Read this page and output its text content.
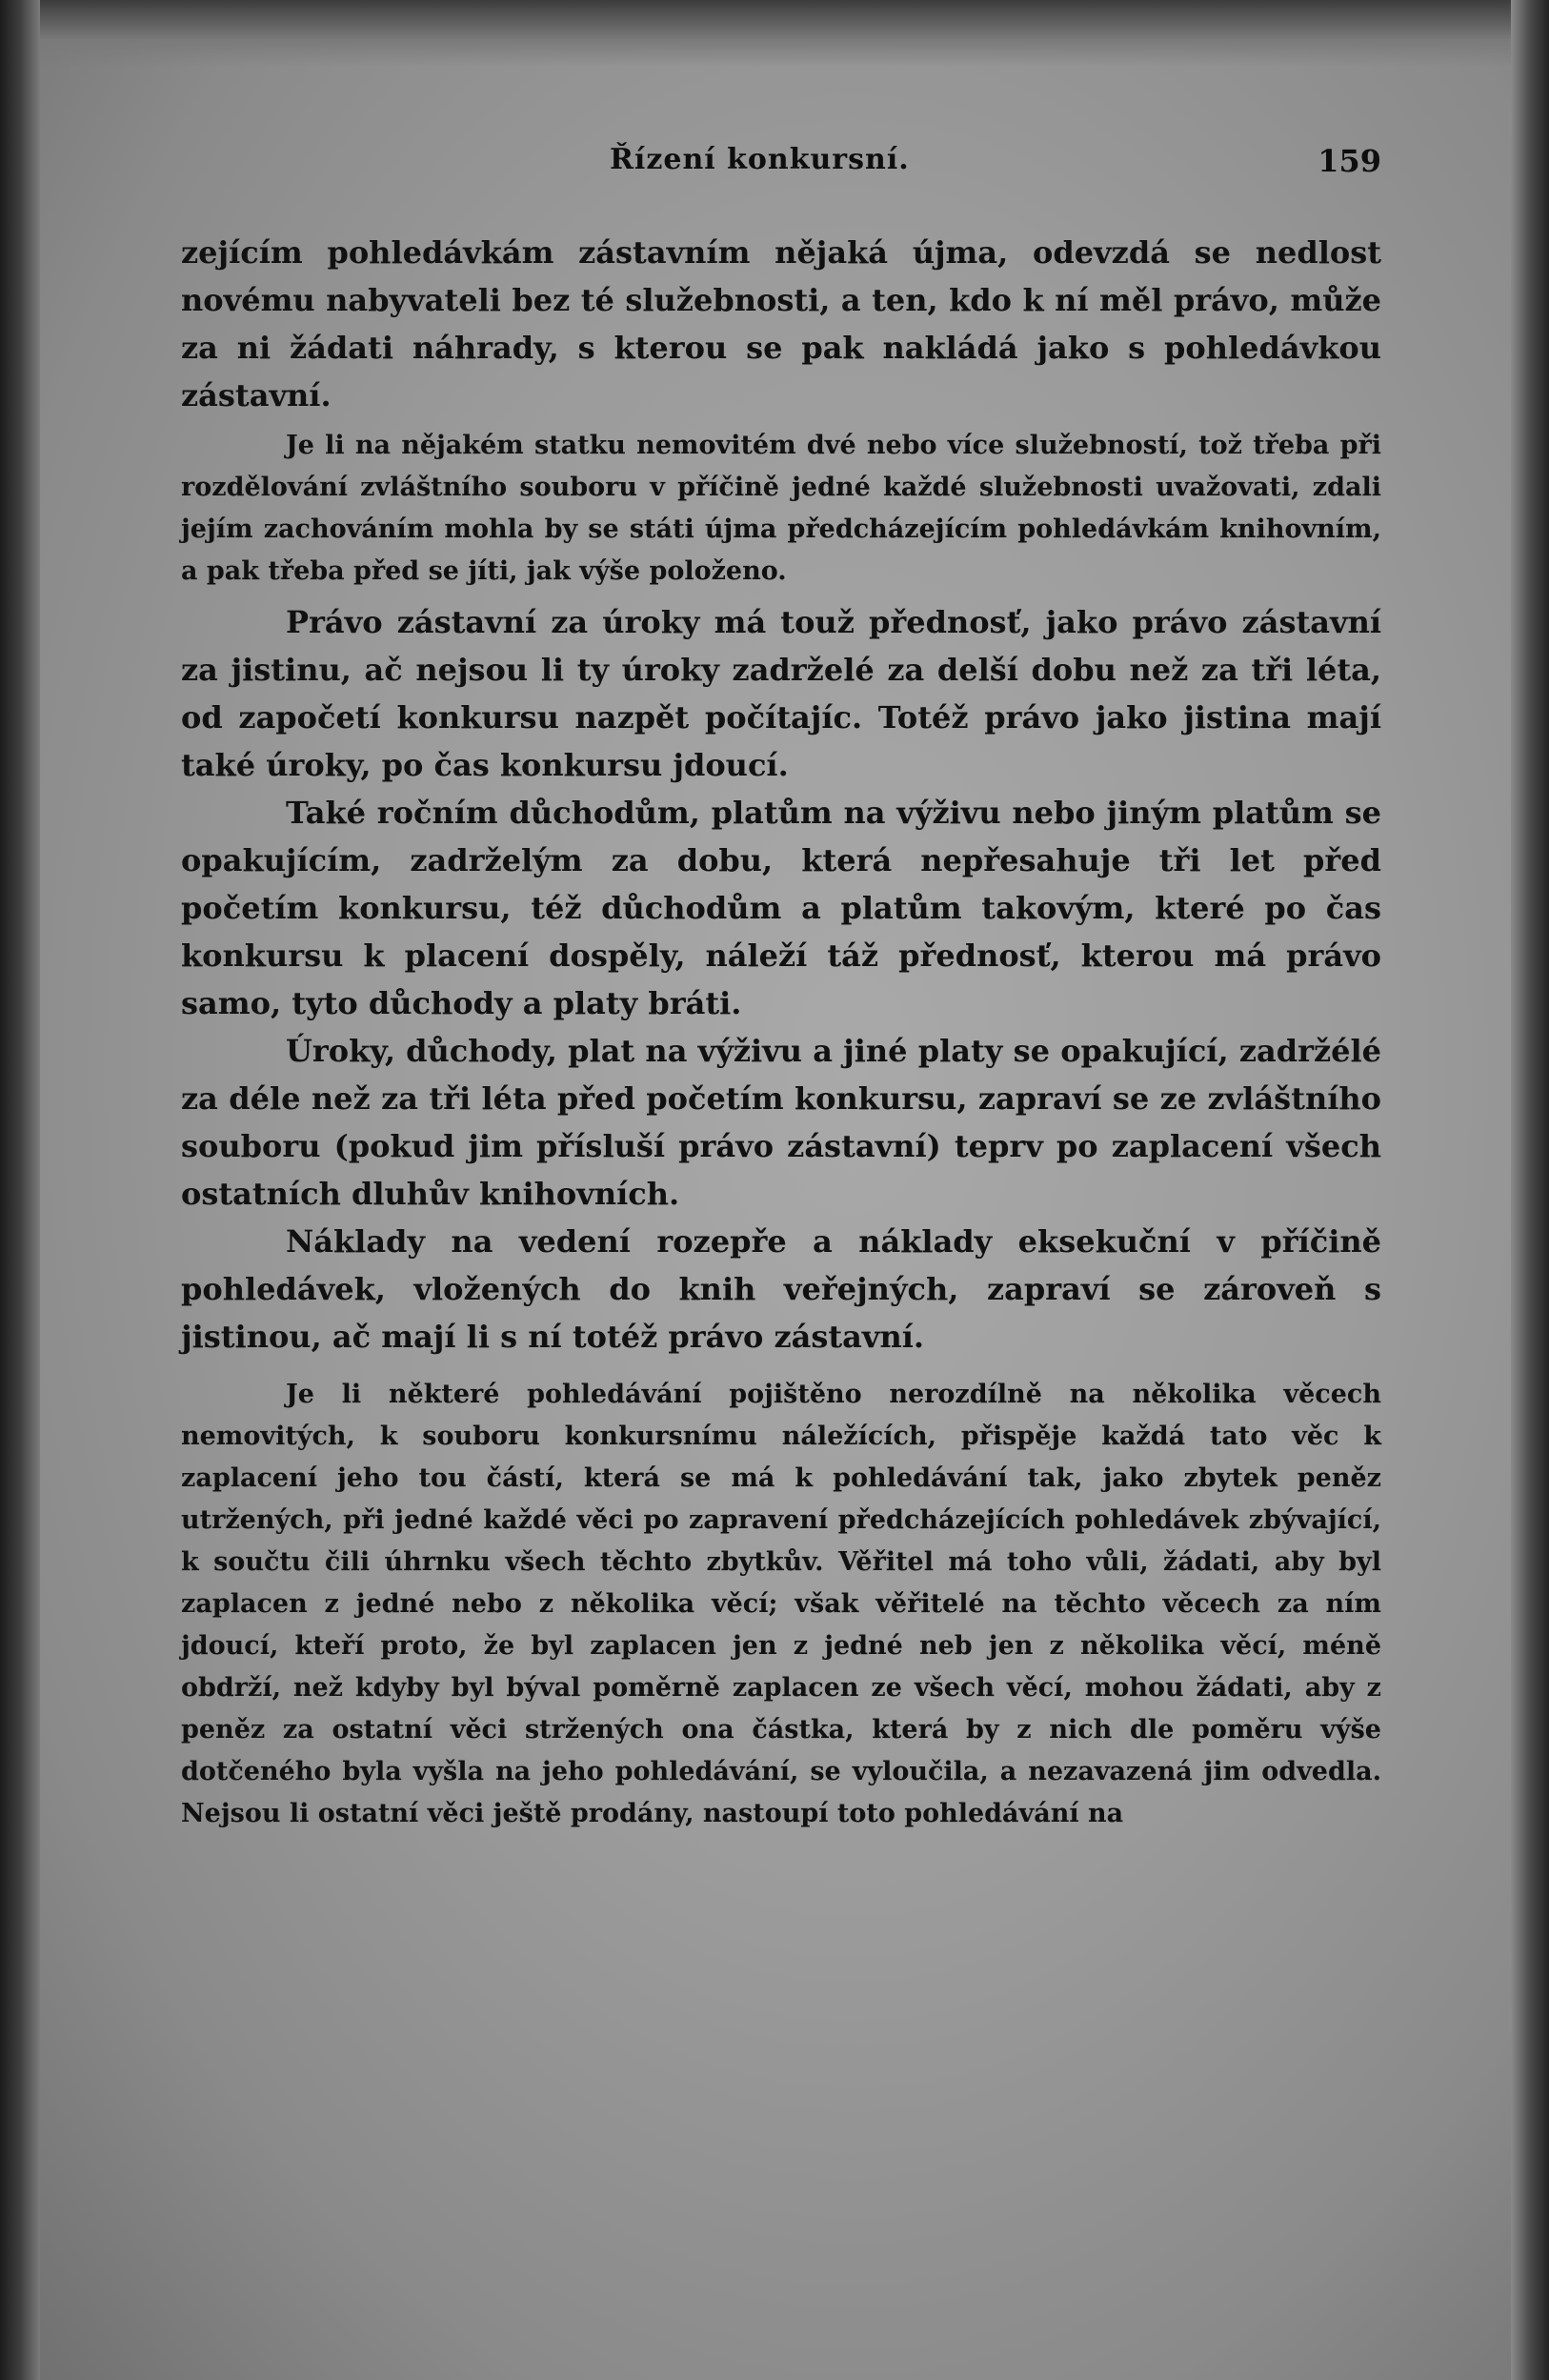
Řízení konkursní.	159

zejícím pohledávkám zástavním nějaká újma, odevzdá se nedlost novému nabyvateli bez té služebnosti, a ten, kdo k ní měl právo, může za ni žádati náhrady, s kterou se pak nakládá jako s pohledávkou zástavní.

Je li na nějakém statku nemovitém dvé nebo více služebností, tož třeba při rozdělování zvláštního souboru v příčině jedné každé služebnosti uvažovati, zdali jejím zachováním mohla by se státi újma předcházejícím pohledávkám knihovním, a pak třeba před se jíti, jak výše položeno.

Právo zástavní za úroky má touž přednosť, jako právo zástavní za jistinu, ač nejsou li ty úroky zadrželé za delší dobu než za tři léta, od započetí konkursu nazpět počítajíc. Totéž právo jako jistina mají také úroky, po čas konkursu jdoucí.

Také ročním důchodům, platům na výživu nebo jiným platům se opakujícím, zadrželým za dobu, která nepřesahuje tři let před početím konkursu, též důchodům a platům takovým, které po čas konkursu k placení dospěly, náleží táž přednosť, kterou má právo samo, tyto důchody a platy bráti.

Úroky, důchody, plat na výživu a jiné platy se opakující, zadržélé za déle než za tři léta před početím konkursu, zapraví se ze zvláštního souboru (pokud jim přísluší právo zástavní) teprv po zaplacení všech ostatních dluhův knihovních.

Náklady na vedení rozepře a náklady eksekuční v příčině pohledávek, vložených do knih veřejných, zapraví se zároveň s jistinou, ač mají li s ní totéž právo zástavní.

Je li některé pohledávání pojištěno nerozdílně na několika věcech nemovitých, k souboru konkursnímu náležících, přispěje každá tato věc k zaplacení jeho tou částí, která se má k pohledávání tak, jako zbytek peněz utržených, při jedné každé věci po zapravení předcházejících pohledávek zbývající, k součtu čili úhrnku všech těchto zbytkův. Věřitel má toho vůli, žádati, aby byl zaplacen z jedné nebo z několika věcí; však věřitelé na těchto věcech za ním jdoucí, kteří proto, že byl zaplacen jen z jedné neb jen z několika věcí, méně obdrží, než kdyby byl býval poměrně zaplacen ze všech věcí, mohou žádati, aby z peněz za ostatní věci stržených ona částka, která by z nich dle poměru výše dotčeného byla vyšla na jeho pohledávání, se vyloučila, a nezavazená jim odvedla. Nejsou li ostatní věci ještě prodány, nastoupí toto pohledávání na
